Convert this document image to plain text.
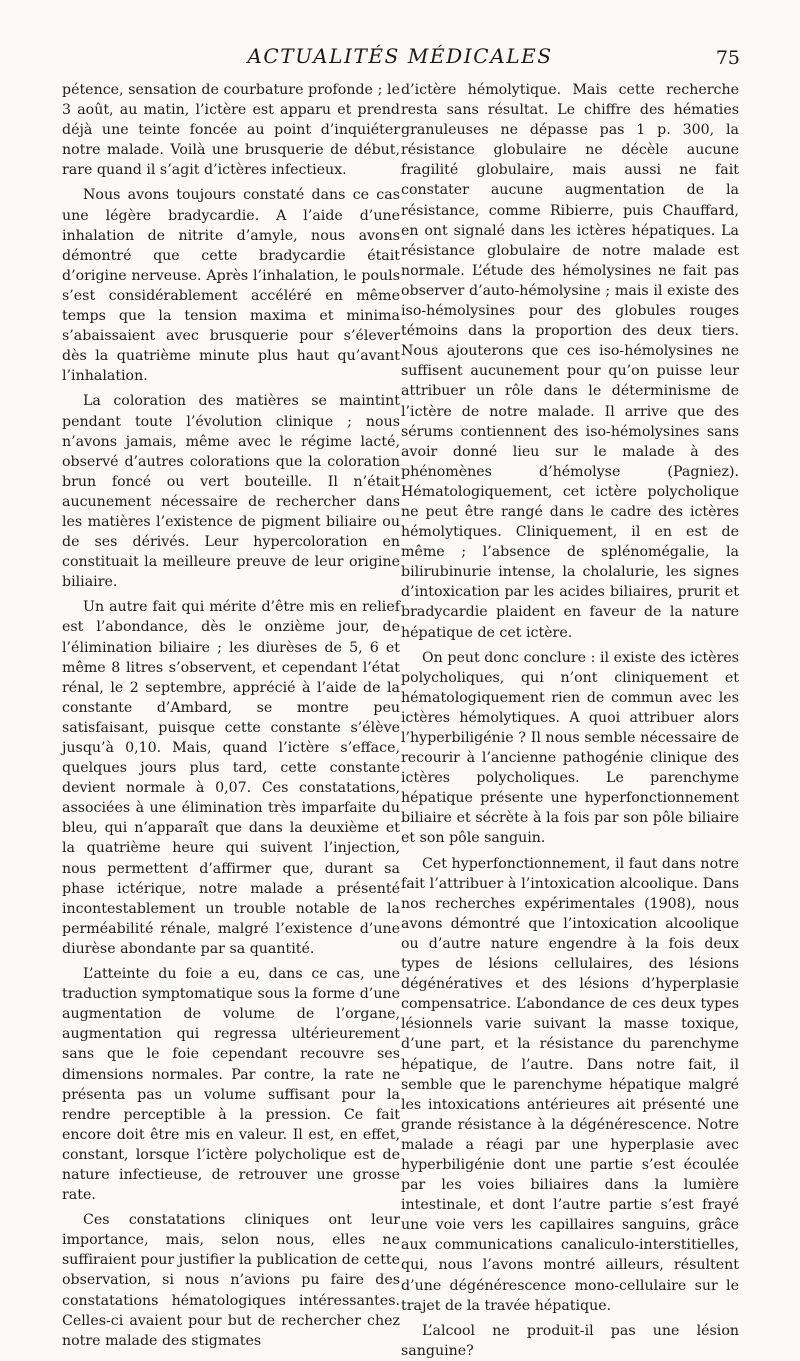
ACTUALITÉS MÉDICALES	75

pétence, sensation de courbature profonde ; le 3 août, au matin, l’ictère est apparu et prend déjà une teinte foncée au point d’inquiéter notre malade. Voilà une brusquerie de début, rare quand il s’agit d’ictères infectieux.

Nous avons toujours constaté dans ce cas une légère bradycardie. A l’aide d’une inhalation de nitrite d’amyle, nous avons démontré que cette bradycardie était d’origine nerveuse. Après l’inhalation, le pouls s’est considérablement accéléré en même temps que la tension maxima et minima s’abaissaient avec brusquerie pour s’élever dès la quatrième minute plus haut qu’avant l’inhalation.

La coloration des matières se maintint pendant toute l’évolution clinique ; nous n’avons jamais, même avec le régime lacté, observé d’autres colorations que la coloration brun foncé ou vert bouteille. Il n’était aucunement nécessaire de rechercher dans les matières l’existence de pigment biliaire ou de ses dérivés. Leur hypercoloration en constituait la meilleure preuve de leur origine biliaire.

Un autre fait qui mérite d’être mis en relief est l’abondance, dès le onzième jour, de l’élimination biliaire ; les diurèses de 5, 6 et même 8 litres s’observent, et cependant l’état rénal, le 2 septembre, apprécié à l’aide de la constante d’Ambard, se montre peu satisfaisant, puisque cette constante s’élève jusqu’à 0,10. Mais, quand l’ictère s’efface, quelques jours plus tard, cette constante devient normale à 0,07. Ces constatations, associées à une élimination très imparfaite du bleu, qui n’apparaît que dans la deuxième et la quatrième heure qui suivent l’injection, nous permettent d’affirmer que, durant sa phase ictérique, notre malade a présenté incontestablement un trouble notable de la perméabilité rénale, malgré l’existence d’une diurèse abondante par sa quantité.

L’atteinte du foie a eu, dans ce cas, une traduction symptomatique sous la forme d’une augmentation de volume de l’organe, augmentation qui regressa ultérieurement sans que le foie cependant recouvre ses dimensions normales. Par contre, la rate ne présenta pas un volume suffisant pour la rendre perceptible à la pression. Ce fait encore doit être mis en valeur. Il est, en effet, constant, lorsque l’ictère polycholique est de nature infectieuse, de retrouver une grosse rate.

Ces constatations cliniques ont leur importance, mais, selon nous, elles ne suffiraient pour justifier la publication de cette observation, si nous n’avions pu faire des constatations hématologiques intéressantes. Celles-ci avaient pour but de rechercher chez notre malade des stigmates

d’ictère hémolytique. Mais cette recherche resta sans résultat. Le chiffre des hématies granuleuses ne dépasse pas 1 p. 300, la résistance globulaire ne décèle aucune fragilité globulaire, mais aussi ne fait constater aucune augmentation de la résistance, comme Ribierre, puis Chauffard, en ont signalé dans les ictères hépatiques. La résistance globulaire de notre malade est normale. L’étude des hémolysines ne fait pas observer d’auto-hémolysine ; mais il existe des iso-hémolysines pour des globules rouges témoins dans la proportion des deux tiers. Nous ajouterons que ces iso-hémolysines ne suffisent aucunement pour qu’on puisse leur attribuer un rôle dans le déterminisme de l’ictère de notre malade. Il arrive que des sérums contiennent des iso-hémolysines sans avoir donné lieu sur le malade à des phénomènes d’hémolyse (Pagniez). Hématologiquement, cet ictère polycholique ne peut être rangé dans le cadre des ictères hémolytiques. Cliniquement, il en est de même ; l’absence de splénomégalie, la bilirubinurie intense, la cholalurie, les signes d’intoxication par les acides biliaires, prurit et bradycardie plaident en faveur de la nature hépatique de cet ictère.

On peut donc conclure : il existe des ictères polycholiques, qui n’ont cliniquement et hématologiquement rien de commun avec les ictères hémolytiques. A quoi attribuer alors l’hyperbiligénie ? Il nous semble nécessaire de recourir à l’ancienne pathogénie clinique des ictères polycholiques. Le parenchyme hépatique présente une hyperfonctionnement biliaire et sécrète à la fois par son pôle biliaire et son pôle sanguin.

Cet hyperfonctionnement, il faut dans notre fait l’attribuer à l’intoxication alcoolique. Dans nos recherches expérimentales (1908), nous avons démontré que l’intoxication alcoolique ou d’autre nature engendre à la fois deux types de lésions cellulaires, des lésions dégénératives et des lésions d’hyperplasie compensatrice. L’abondance de ces deux types lésionnels varie suivant la masse toxique, d’une part, et la résistance du parenchyme hépatique, de l’autre. Dans notre fait, il semble que le parenchyme hépatique malgré les intoxications antérieures ait présenté une grande résistance à la dégénérescence. Notre malade a réagi par une hyperplasie avec hyperbiligénie dont une partie s’est écoulée par les voies biliaires dans la lumière intestinale, et dont l’autre partie s’est frayé une voie vers les capillaires sanguins, grâce aux communications canaliculo-interstitielles, qui, nous l’avons montré ailleurs, résultent d’une dégénérescence mono-cellulaire sur le trajet de la travée hépatique.

L’alcool ne produit-il pas une lésion sanguine?
